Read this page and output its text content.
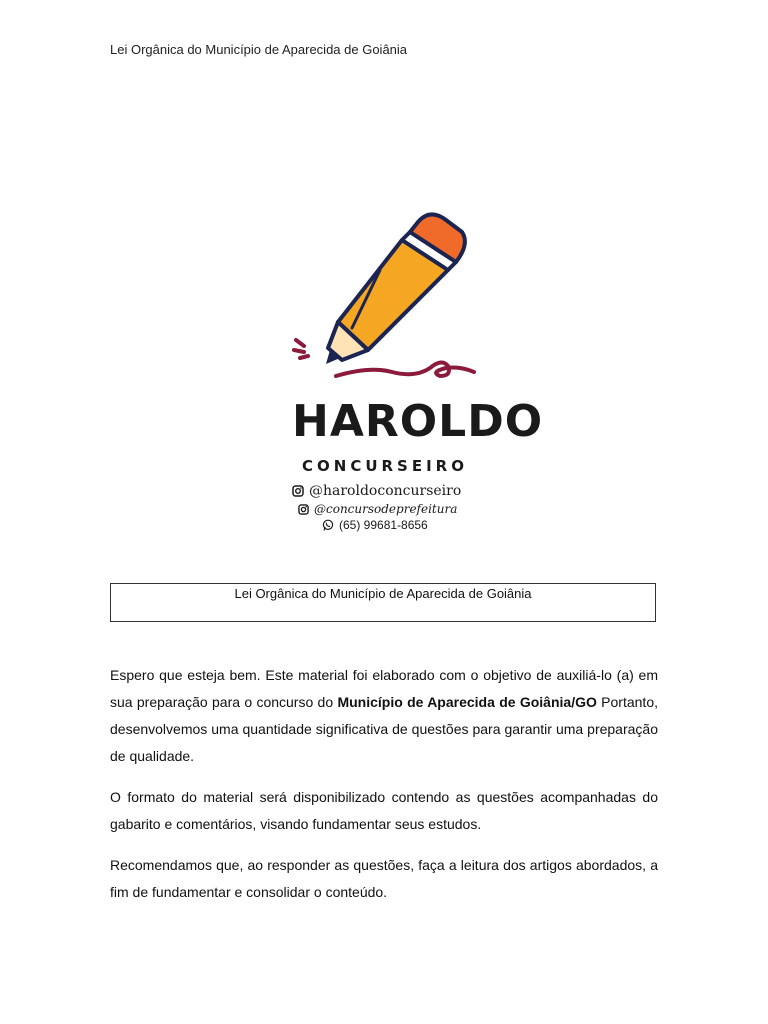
Lei Orgânica do Município de Aparecida de Goiânia
HAROLDO
CONCURSEIRO
@haroldoconcurseiro
@concursodeprefeitura
(65) 99681-8656
Lei Orgânica do Município de Aparecida de Goiânia

Espero que esteja bem. Este material foi elaborado com o objetivo de auxiliá-lo (a) em sua preparação para o concurso do Município de Aparecida de Goiânia/GO Portanto, desenvolvemos uma quantidade significativa de questões para garantir uma preparação de qualidade.

O formato do material será disponibilizado contendo as questões acompanhadas do gabarito e comentários, visando fundamentar seus estudos.

Recomendamos que, ao responder as questões, faça a leitura dos artigos abordados, a fim de fundamentar e consolidar o conteúdo.
